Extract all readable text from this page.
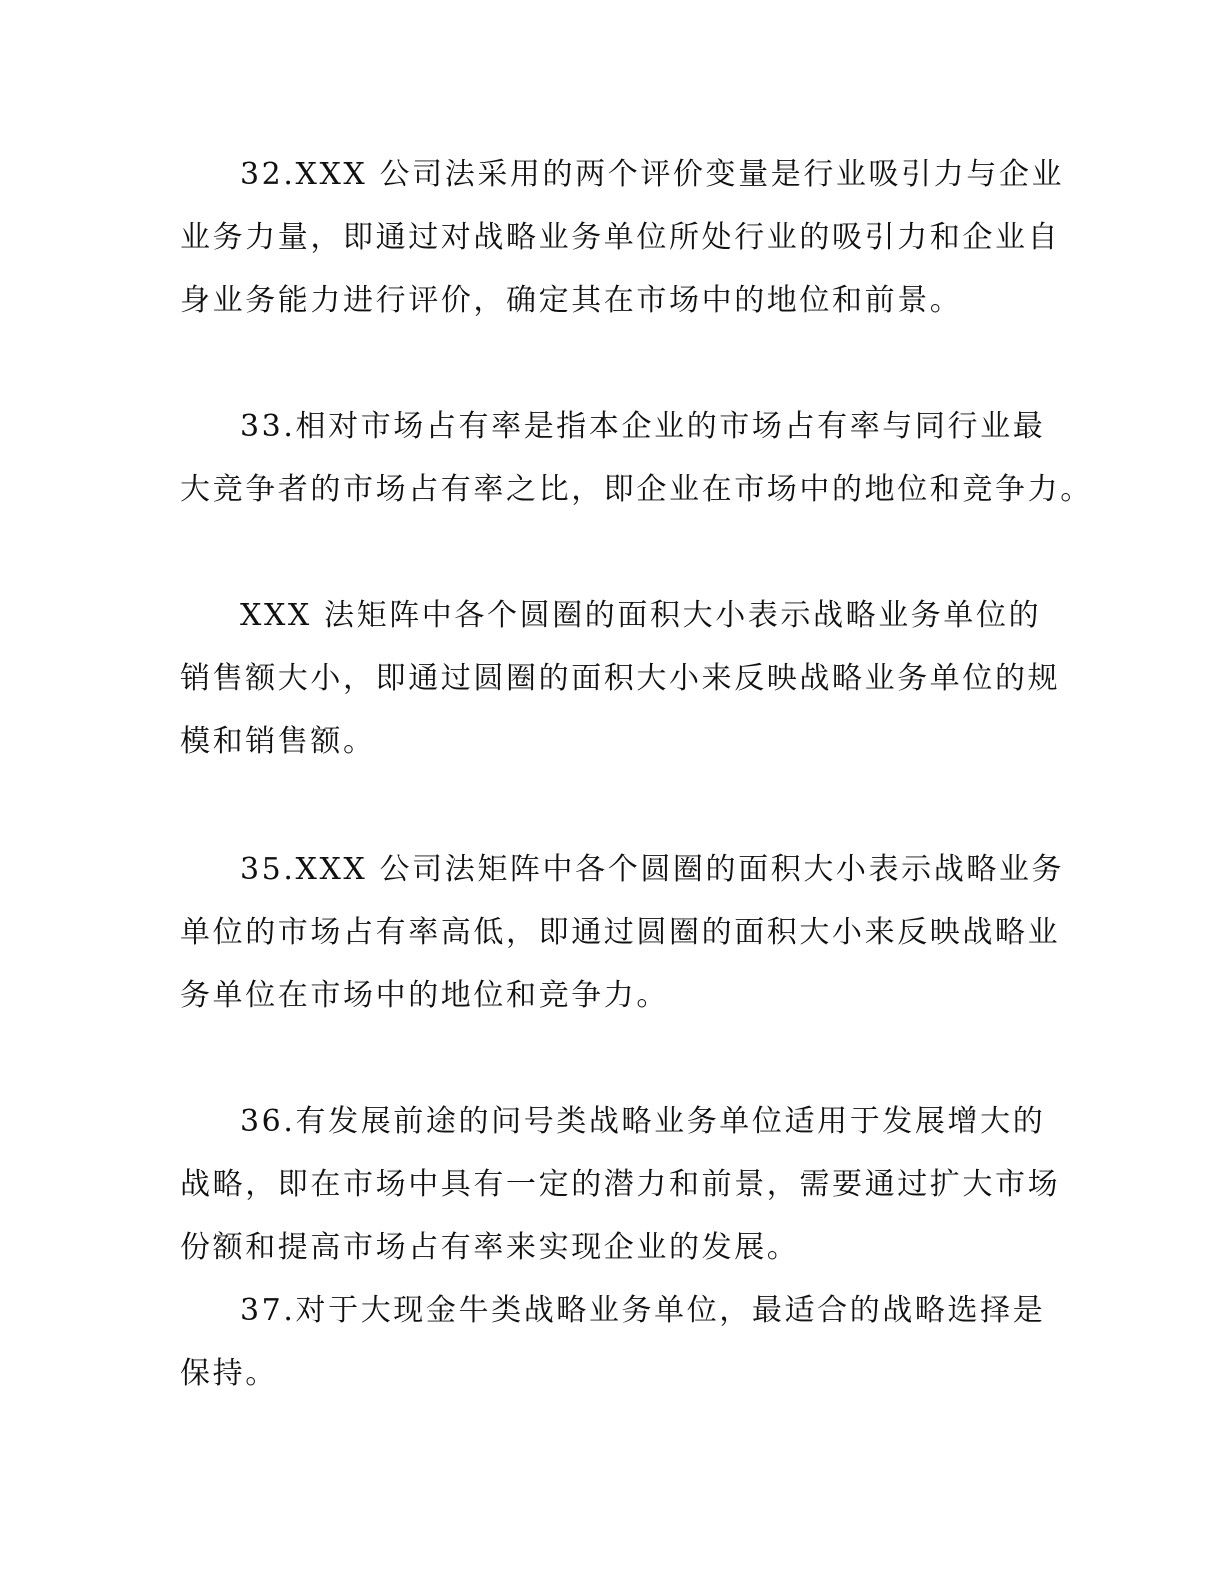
32.XXX 公司法采用的两个评价变量是行业吸引力与企业
业务力量，即通过对战略业务单位所处行业的吸引力和企业自
身业务能力进行评价，确定其在市场中的地位和前景。
33.相对市场占有率是指本企业的市场占有率与同行业最
大竞争者的市场占有率之比，即企业在市场中的地位和竞争力。
XXX 法矩阵中各个圆圈的面积大小表示战略业务单位的
销售额大小，即通过圆圈的面积大小来反映战略业务单位的规
模和销售额。
35.XXX 公司法矩阵中各个圆圈的面积大小表示战略业务
单位的市场占有率高低，即通过圆圈的面积大小来反映战略业
务单位在市场中的地位和竞争力。
36.有发展前途的问号类战略业务单位适用于发展增大的
战略，即在市场中具有一定的潜力和前景，需要通过扩大市场
份额和提高市场占有率来实现企业的发展。
37.对于大现金牛类战略业务单位，最适合的战略选择是
保持。
